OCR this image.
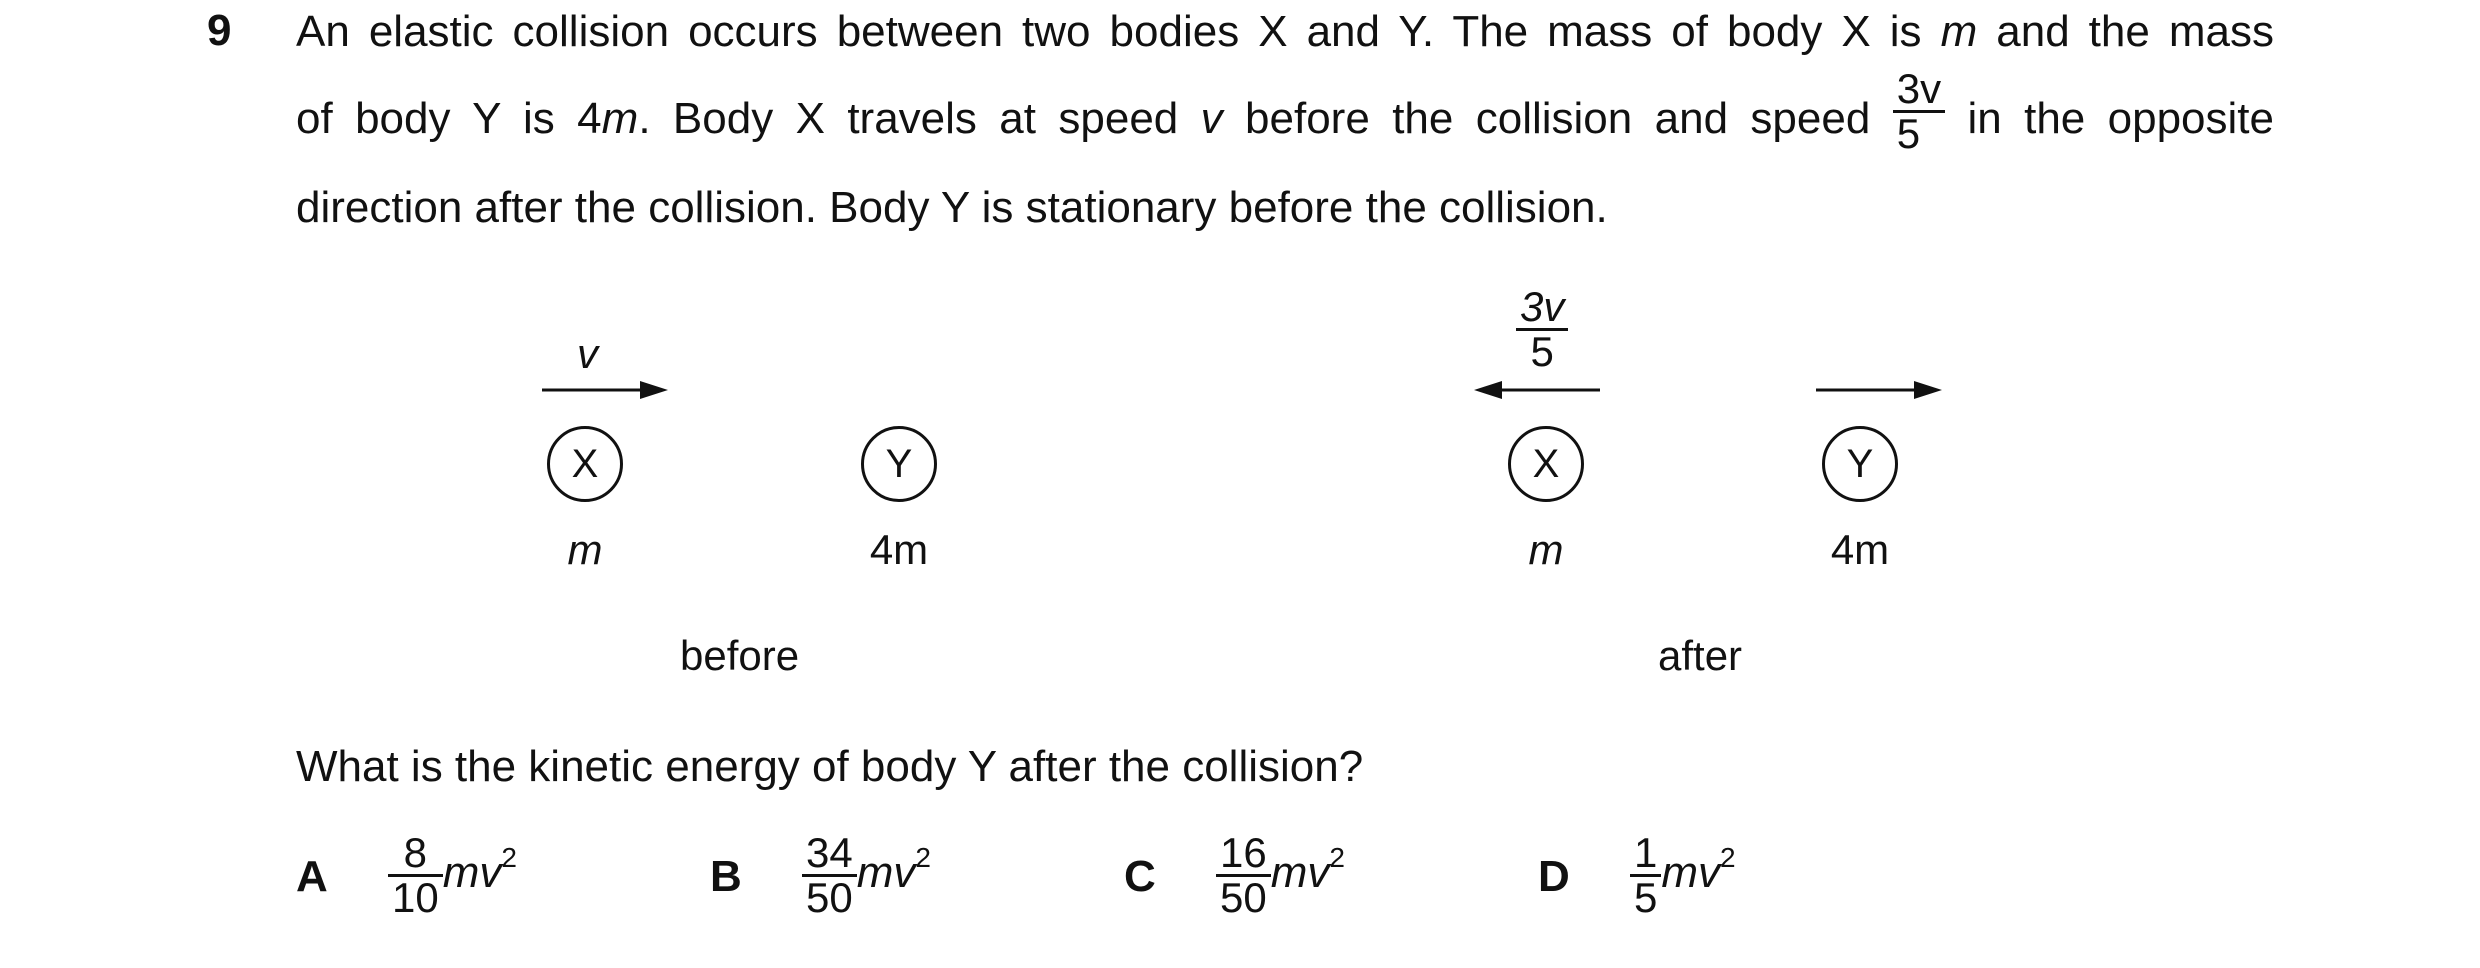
9 An elastic collision occurs between two bodies X and Y. The mass of body X is m and the mass
of body Y is 4m. Body X travels at speed v before the collision and speed $\frac{3v}{5}$ in the opposite
direction after the collision. Body Y is stationary before the collision.
v
X	Y
m	4m
before
$\frac{3v}{5}$
X	Y
m	4m
after
What is the kinetic energy of body Y after the collision?
A $\frac{8}{10} mv^2$	B $\frac{34}{50} mv^2$	C $\frac{16}{50} mv^2$	D $\frac{1}{5} mv^2$
